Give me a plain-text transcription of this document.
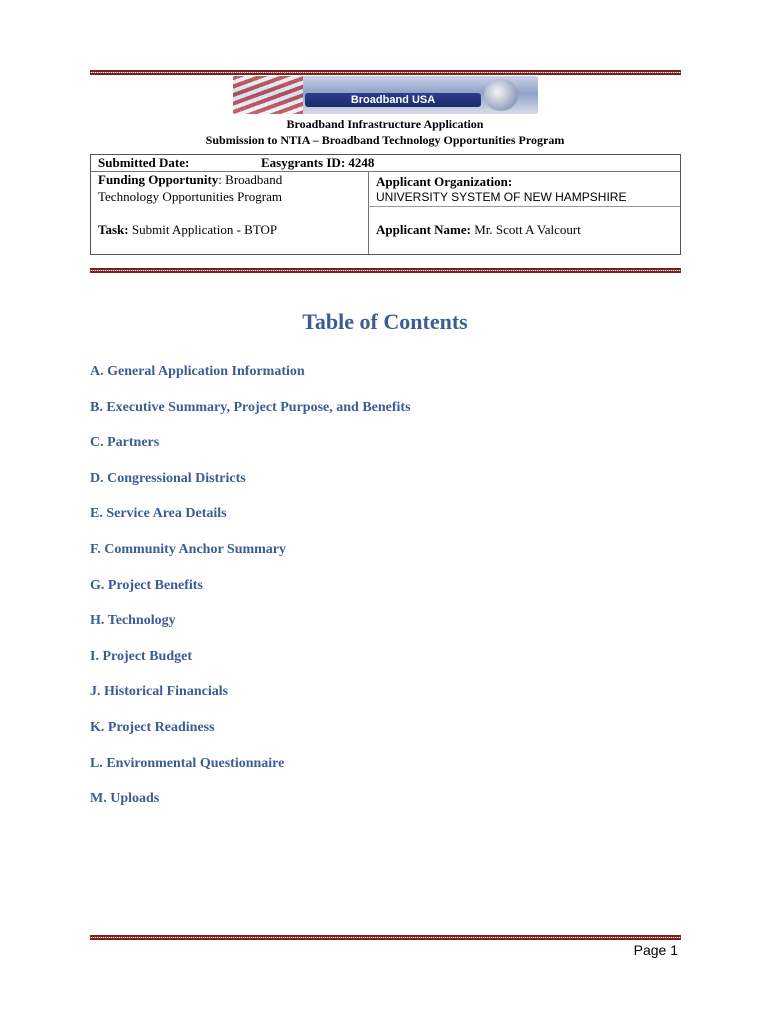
Broadband USA
Broadband Infrastructure Application
Submission to NTIA – Broadband Technology Opportunities Program
Submitted Date:	Easygrants ID: 4248
Funding Opportunity: Broadband
Technology Opportunities Program
Applicant Organization:
UNIVERSITY SYSTEM OF NEW HAMPSHIRE
Task: Submit Application - BTOP	Applicant Name: Mr. Scott A Valcourt
Table of Contents
A. General Application Information
B. Executive Summary, Project Purpose, and Benefits
C. Partners
D. Congressional Districts
E. Service Area Details
F. Community Anchor Summary
G. Project Benefits
H. Technology
I. Project Budget
J. Historical Financials
K. Project Readiness
L. Environmental Questionnaire
M. Uploads
Page 1
